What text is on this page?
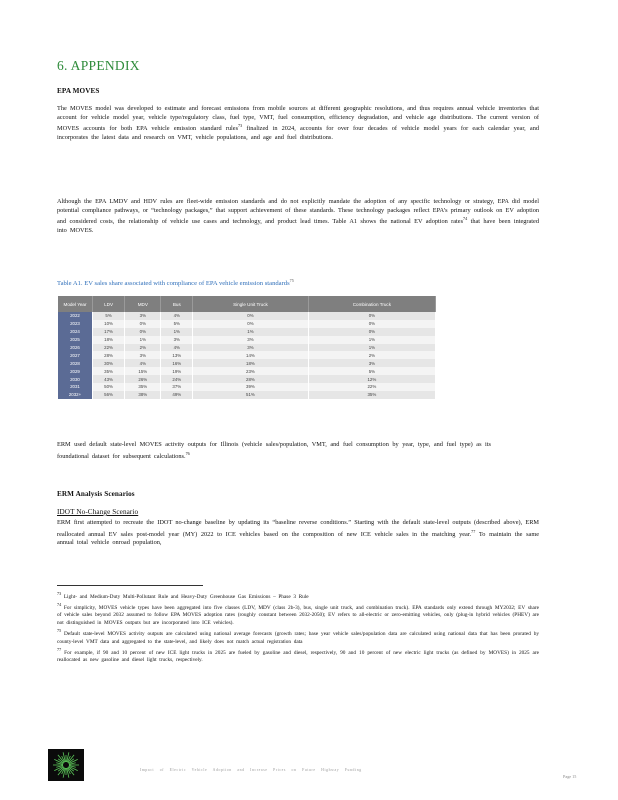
6. APPENDIX
EPA MOVES
The MOVES model was developed to estimate and forecast emissions from mobile sources at different geographic resolutions, and thus requires annual vehicle inventories that account for vehicle model year, vehicle type/regulatory class, fuel type, VMT, fuel consumption, efficiency degradation, and vehicle age distributions. The current version of MOVES accounts for both EPA vehicle emission standard rules$^{73}$ finalized in 2024, accounts for over four decades of vehicle model years for each calendar year, and incorporates the latest data and research on VMT, vehicle populations, and age and fuel distributions.
Although the EPA LMDV and HDV rules are fleet-wide emission standards and do not explicitly mandate the adoption of any specific technology or strategy, EPA did model potential compliance pathways, or “technology packages,” that support achievement of these standards. These technology packages reflect EPA’s primary outlook on EV adoption and considered costs, the relationship of vehicle use cases and technology, and product lead times. Table A1 shows the national EV adoption rates$^{74}$ that have been integrated into MOVES.
Table A1. EV sales share associated with compliance of EPA vehicle emission standards$^{75}$
Model Year	LDV	MDV	Bus	Single Unit Truck	Combination Truck
2022	5%	3%	4%	0%	0%
2023	10%	0%	5%	0%	0%
2024	17%	0%	1%	1%	0%
2025	18%	1%	3%	3%	1%
2026	22%	2%	4%	3%	1%
2027	28%	3%	13%	14%	2%
2028	30%	4%	16%	18%	3%
2029	35%	15%	19%	23%	5%
2030	43%	26%	24%	28%	12%
2031	50%	35%	37%	39%	22%
2032+	56%	38%	49%	51%	35%
ERM used default state-level MOVES activity outputs for Illinois (vehicle sales/population, VMT, and fuel consumption by year, type, and fuel type) as its foundational dataset for subsequent calculations.$^{76}$
ERM Analysis Scenarios
IDOT No-Change Scenario
ERM first attempted to recreate the IDOT no-change baseline by updating its “baseline reverse conditions.” Starting with the default state-level outputs (described above), ERM reallocated annual EV sales post-model year (MY) 2022 to ICE vehicles based on the composition of new ICE vehicle sales in the matching year.$^{77}$ To maintain the same annual total vehicle onroad population,
$^{73}$ Light- and Medium-Duty Multi-Pollutant Rule and Heavy-Duty Greenhouse Gas Emissions – Phase 3 Rule
$^{74}$ For simplicity, MOVES vehicle types have been aggregated into five classes (LDV, MDV (class 2b-3), bus, single unit truck, and combination truck). EPA standards only extend through MY2032; EV share of vehicle sales beyond 2032 assumed to follow EPA MOVES adoption rates (roughly constant between 2032-2050); EV refers to all-electric or zero-emitting vehicles, only (plug-in hybrid vehicles (PHEV) are not distinguished in MOVES outputs but are incorporated into ICE vehicles).
$^{75}$ Default state-level MOVES activity outputs are calculated using national average forecasts (growth rates; base year vehicle sales/population data are calculated using national data that has been prorated by county-level VMT data and aggregated to the state-level, and likely does not match actual registration data
$^{77}$ For example, if 90 and 10 percent of new ICE light trucks in 2025 are fueled by gasoline and diesel, respectively, 90 and 10 percent of new electric light trucks (as defined by MOVES) in 2025 are reallocated as new gasoline and diesel light trucks, respectively.
Impact of Electric Vehicle Adoption and Increase Prices on Future Highway Funding
Page 15
